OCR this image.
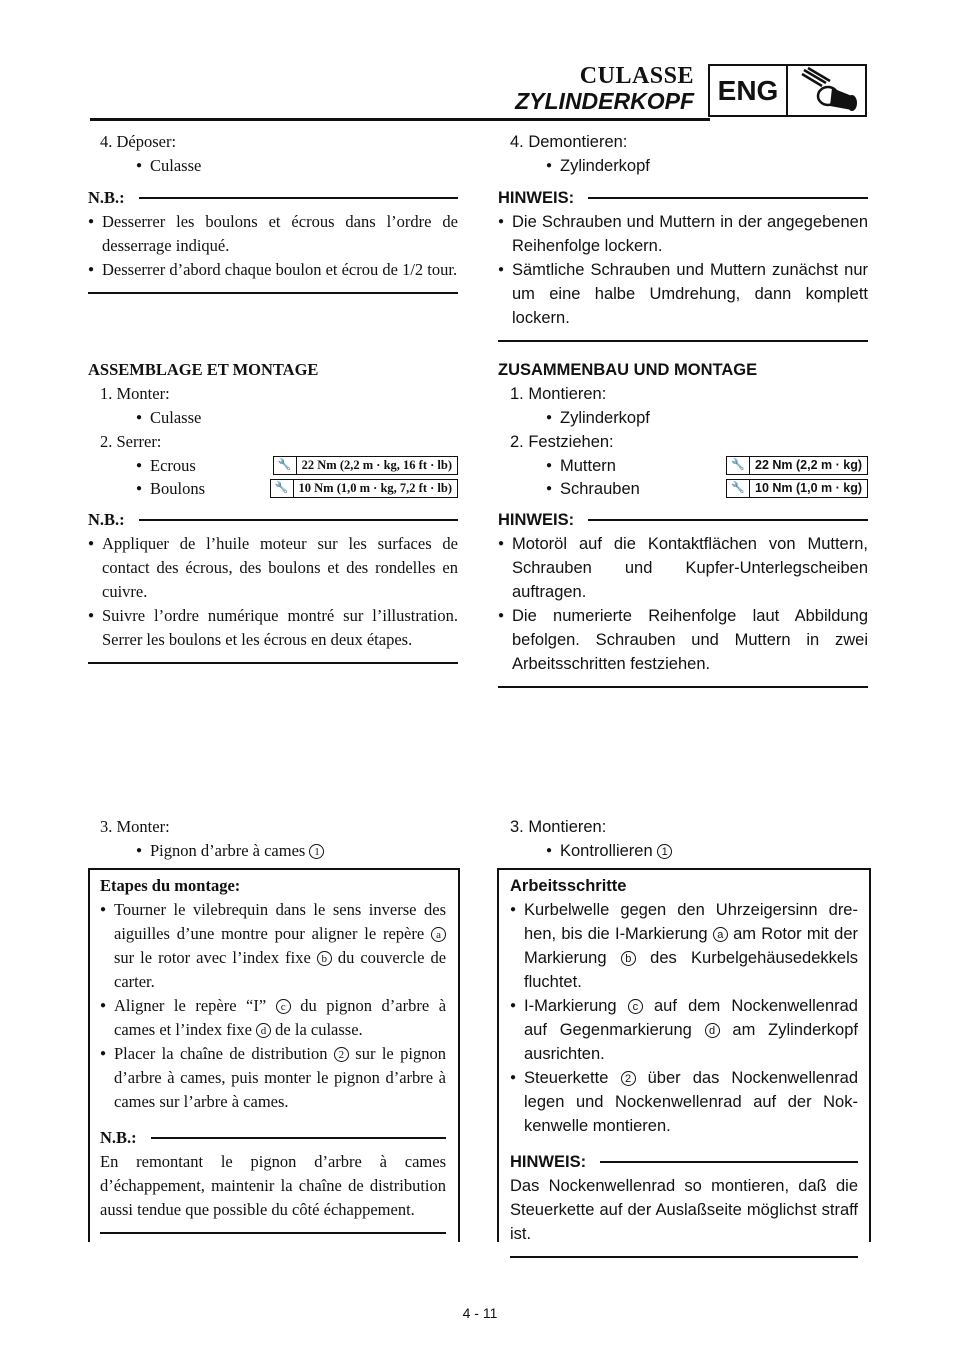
CULASSE
ZYLINDERKOPF ENG
4. Déposer:
● Culasse
N.B.:
● Desserrer les boulons et écrous dans l’ordre de desserrage indiqué.
● Desserrer d’abord chaque boulon et écrou de 1/2 tour.
ASSEMBLAGE ET MONTAGE
1. Monter:
● Culasse
2. Serrer:
● Ecrous	🔧 22 Nm (2,2 m · kg, 16 ft · lb)
● Boulons	🔧 10 Nm (1,0 m · kg, 7,2 ft · lb)
N.B.:
● Appliquer de l’huile moteur sur les surfaces de contact des écrous, des boulons et des rondelles en cuivre.
● Suivre l’ordre numérique montré sur l’illustration. Serrer les boulons et les écrous en deux étapes.
3. Monter:
● Pignon d’arbre à cames 1
Etapes du montage:
● Tourner le vilebrequin dans le sens inverse des aiguilles d’une montre pour aligner le repère a sur le rotor avec l’index fixe b du couvercle de carter.
● Aligner le repère “I” c du pignon d’arbre à cames et l’index fixe d de la culasse.
● Placer la chaîne de distribution 2 sur le pignon d’arbre à cames, puis monter le pignon d’arbre à cames sur l’arbre à cames.
N.B.:
En remontant le pignon d’arbre à cames d’échappement, maintenir la chaîne de distribution aussi tendue que possible du côté échappement.
4. Demontieren:
● Zylinderkopf
HINWEIS:
● Die Schrauben und Muttern in der angegebenen Reihenfolge lockern.
● Sämtliche Schrauben und Muttern zunächst nur um eine halbe Umdrehung, dann komplett lockern.
ZUSAMMENBAU UND MONTAGE
1. Montieren:
● Zylinderkopf
2. Festziehen:
● Muttern	🔧 22 Nm (2,2 m · kg)
● Schrauben	🔧 10 Nm (1,0 m · kg)
HINWEIS:
● Motoröl auf die Kontaktflächen von Muttern, Schrauben und Kupfer-Unterlegscheiben auftragen.
● Die numerierte Reihenfolge laut Abbildung befolgen. Schrauben und Muttern in zwei Arbeitsschritten festziehen.
3. Montieren:
● Kontrollieren 1
Arbeitsschritte
● Kurbelwelle gegen den Uhrzeigersinn drehen, bis die I-Markierung a am Rotor mit der Markierung b des Kurbelgehäusedekkels fluchtet.
● I-Markierung c auf dem Nockenwellenrad auf Gegenmarkierung d am Zylinderkopf ausrichten.
● Steuerkette 2 über das Nockenwellenrad legen und Nockenwellenrad auf der Nokkenwelle montieren.
HINWEIS:
Das Nockenwellenrad so montieren, daß die Steuerkette auf der Auslaßseite möglichst straff ist.
4 - 11
